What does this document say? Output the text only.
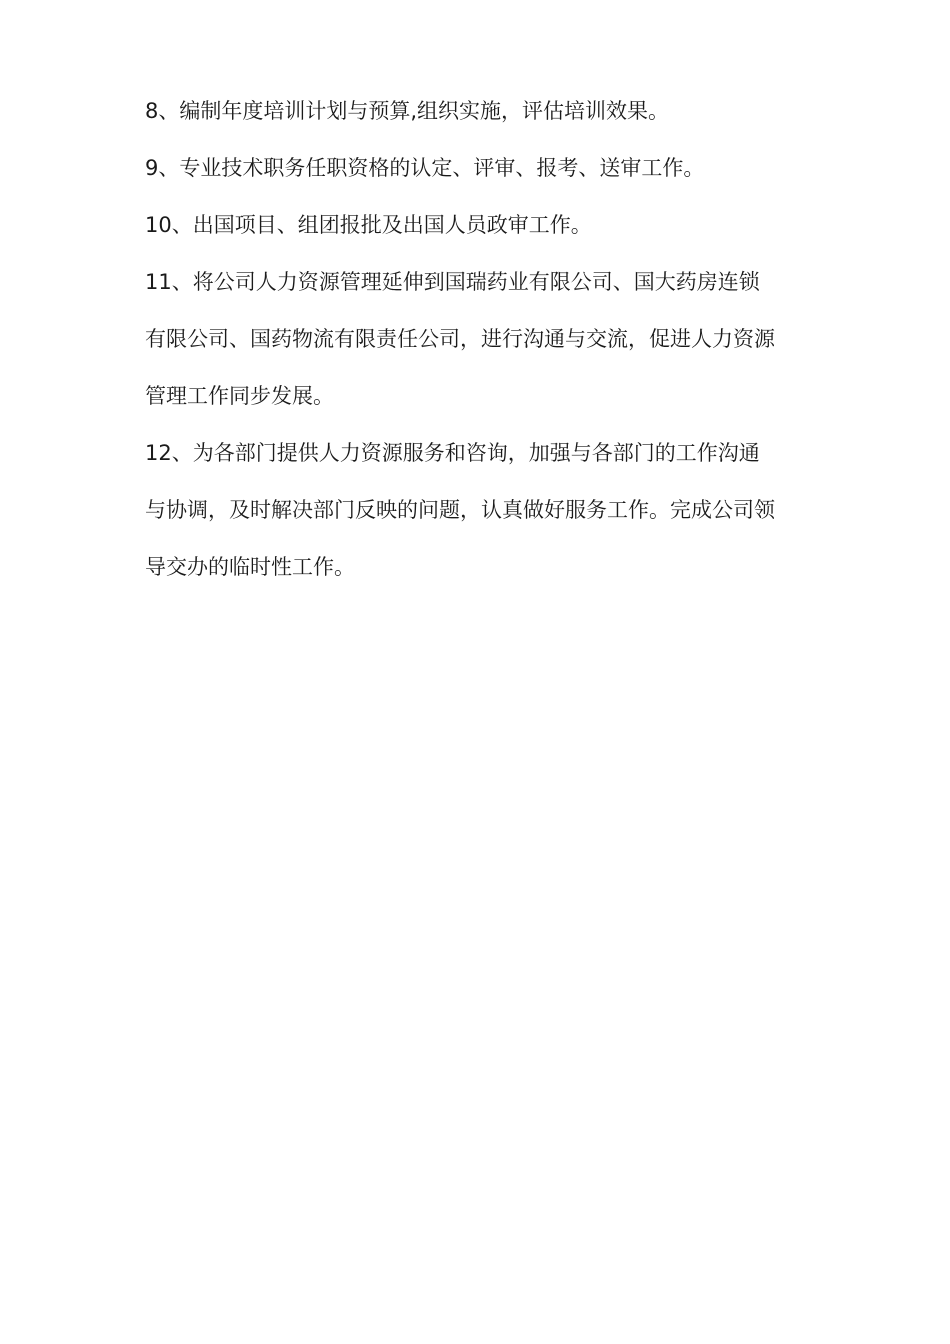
8、编制年度培训计划与预算,组织实施，评估培训效果。

9、专业技术职务任职资格的认定、评审、报考、送审工作。

10、出国项目、组团报批及出国人员政审工作。

11、将公司人力资源管理延伸到国瑞药业有限公司、国大药房连锁
有限公司、国药物流有限责任公司，进行沟通与交流，促进人力资源
管理工作同步发展。

12、为各部门提供人力资源服务和咨询，加强与各部门的工作沟通
与协调，及时解决部门反映的问题，认真做好服务工作。完成公司领
导交办的临时性工作。
